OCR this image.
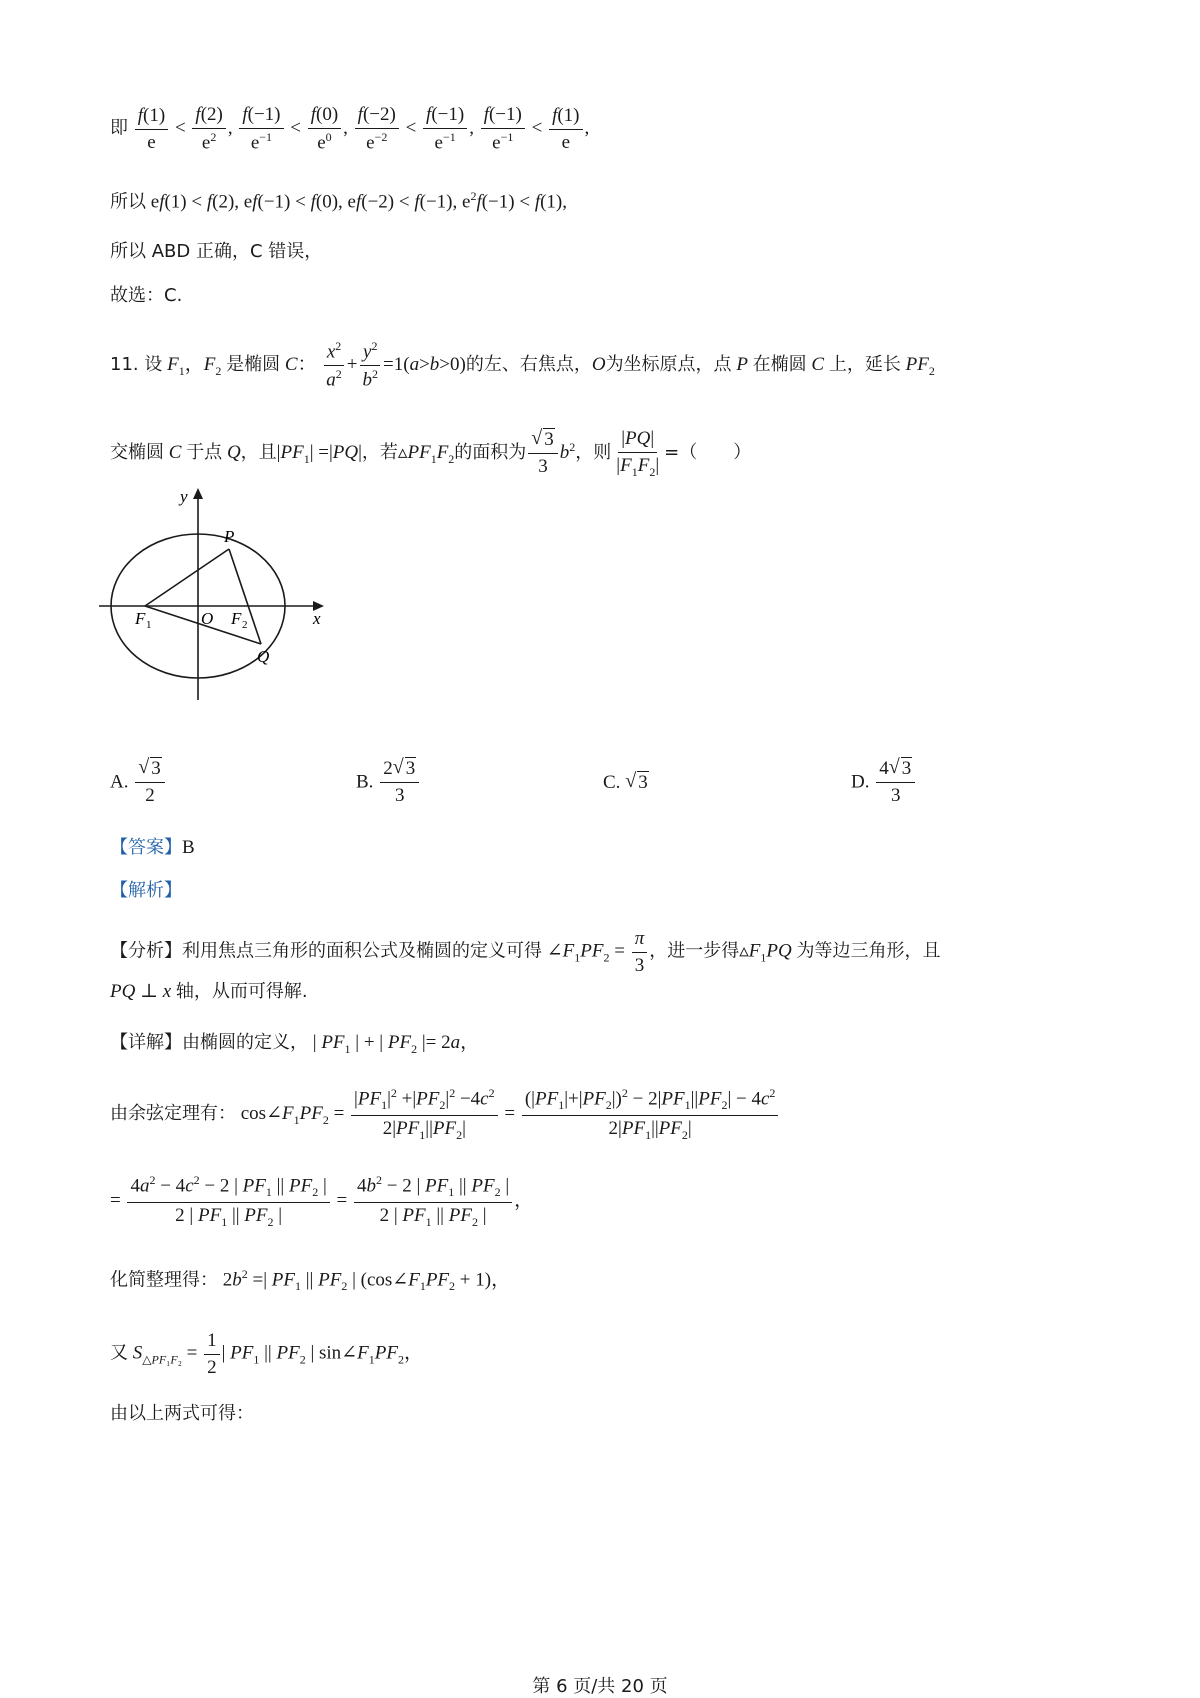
即 $\frac{f(1)}{e} < \frac{f(2)}{e^2}$ , $\frac{f(-1)}{e^{-1}} < \frac{f(0)}{e^0}$ , $\frac{f(-2)}{e^{-2}} < \frac{f(-1)}{e^{-1}}$ , $\frac{f(-1)}{e^{-1}} < \frac{f(1)}{e}$ ,
所以 ef(1) < f(2), ef(−1) < f(0), ef(−2) < f(−1), $e^2f(-1) < f(1)$,
所以 ABD 正确，C 错误，
故选：C.
11. 设 $F_1$，$F_2$ 是椭圆 C： $\frac{x^2}{a^2} + \frac{y^2}{b^2} =1(a>b>0)$的左、右焦点，O为坐标原点，点 P 在椭圆 C 上，延长 $PF_2$
交椭圆 C 于点 Q，且$|PF_1| =|PQ|$，若$▵PF_1F_2$的面积为 √ $\frac{3}{3} b^2$，则 $\frac{|PQ|}{|F_1F_2|}$ =（　　）
y
x
P
Q
O
F 1	F 2
A. √ $\frac{3}{2}$	B. $\frac{2 √ 3}{3}$	C. √ 3	D. $\frac{4 √ 3}{3}$
【答案】B
【解析】
【分析】利用焦点三角形的面积公式及椭圆的定义可得 $\angle F_1PF_2 = \frac{\pi}{3}$ ，进一步得$▵F_1PQ$ 为等边三角形，且
PQ ⊥ x 轴，从而可得解.
【详解】由椭圆的定义， | $PF_1$ | + | $PF_2$ |= 2a，
由余弦定理有： $\cos\angle F_1PF_2 = \frac{|PF_1|^2 +|PF_2|^2 -4c^2}{2|PF_1||PF_2|} = \frac{(|PF_1|+|PF_2|)^2 - 2|PF_1||PF_2| - 4c^2}{2|PF_1||PF_2|}$
= $\frac{4a^2 - 4c^2 - 2 | PF_1 || PF_2 |}{2 | PF_1 || PF_2 |} = \frac{4b^2 - 2 | PF_1 || PF_2 |}{2 | PF_1 || PF_2 |}$ ，
化简整理得： $2b^2$ =| $PF_1$ || $PF_2$ | $(\cos\angle F_1PF_2 + 1)$，
又 $S_{\triangle PF_1F_2} = \frac{1}{2}$ | $PF_1$ || $PF_2$ | $\sin\angle F_1PF_2$，
由以上两式可得：
第 6 页/共 20 页
